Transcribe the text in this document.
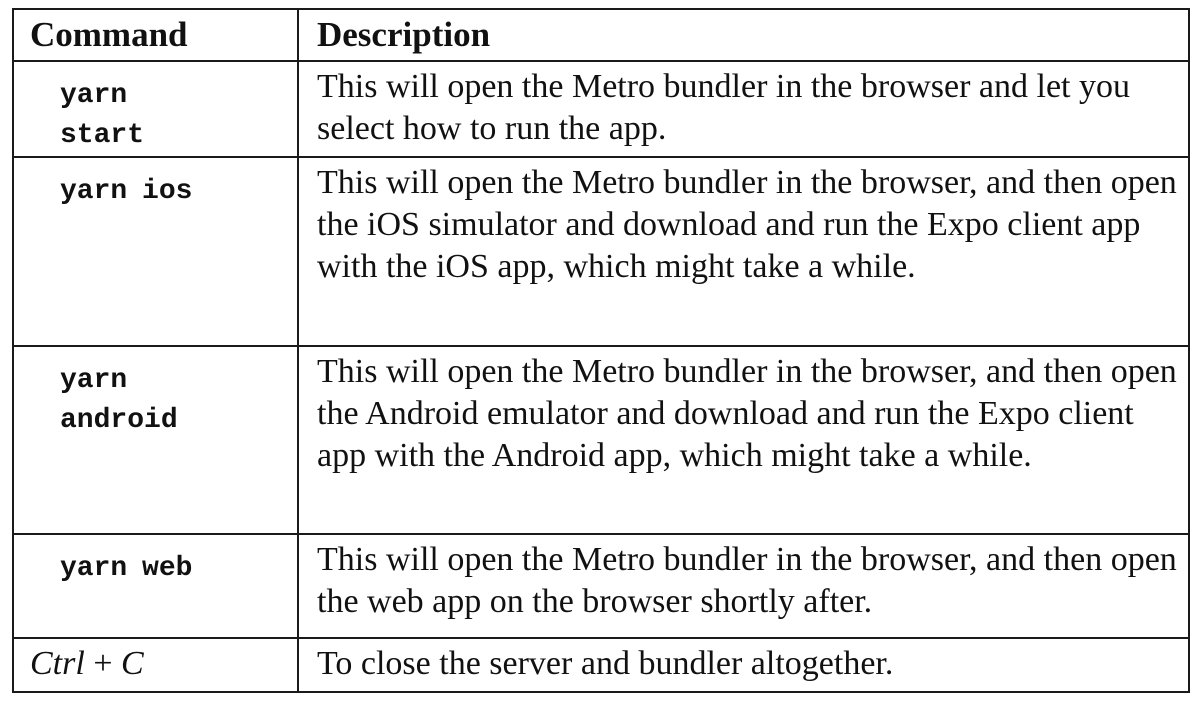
Command	Description

yarn
start	This will open the Metro bundler in the browser and let you select how to run the app.

yarn ios	This will open the Metro bundler in the browser, and then open the iOS simulator and download and run the Expo client app with the iOS app, which might take a while.

yarn
android	This will open the Metro bundler in the browser, and then open the Android emulator and download and run the Expo client app with the Android app, which might take a while.

yarn web	This will open the Metro bundler in the browser, and then open the web app on the browser shortly after.
Ctrl + C	To close the server and bundler altogether.
